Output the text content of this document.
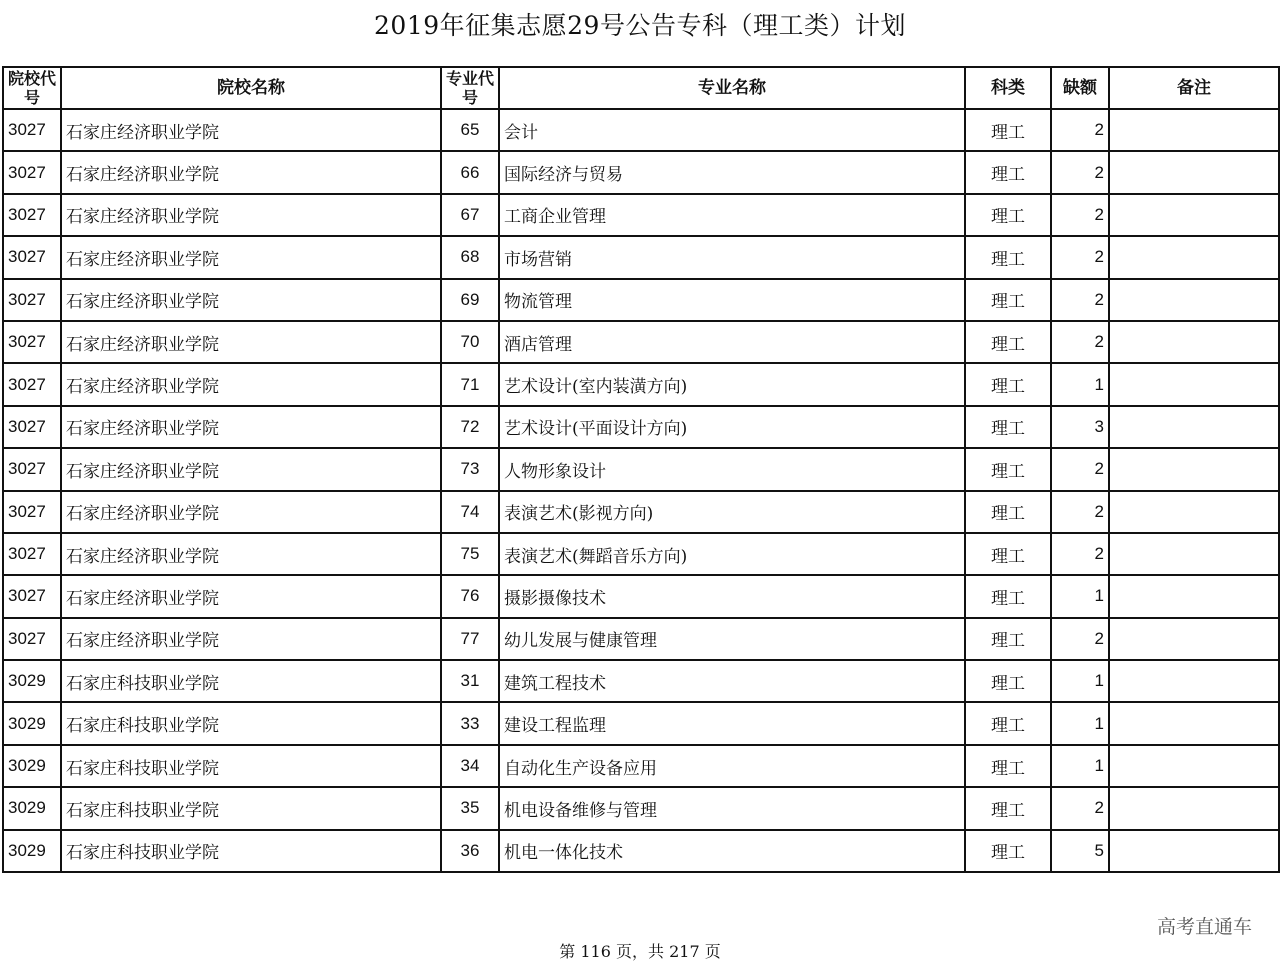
2019年征集志愿29号公告专科（理工类）计划
院校代号	院校名称	专业代号	专业名称	科类	缺额	备注
3027	石家庄经济职业学院	65	会计	理工	2	
3027	石家庄经济职业学院	66	国际经济与贸易	理工	2	
3027	石家庄经济职业学院	67	工商企业管理	理工	2	
3027	石家庄经济职业学院	68	市场营销	理工	2	
3027	石家庄经济职业学院	69	物流管理	理工	2	
3027	石家庄经济职业学院	70	酒店管理	理工	2	
3027	石家庄经济职业学院	71	艺术设计(室内装潢方向)	理工	1	
3027	石家庄经济职业学院	72	艺术设计(平面设计方向)	理工	3	
3027	石家庄经济职业学院	73	人物形象设计	理工	2	
3027	石家庄经济职业学院	74	表演艺术(影视方向)	理工	2	
3027	石家庄经济职业学院	75	表演艺术(舞蹈音乐方向)	理工	2	
3027	石家庄经济职业学院	76	摄影摄像技术	理工	1	
3027	石家庄经济职业学院	77	幼儿发展与健康管理	理工	2	
3029	石家庄科技职业学院	31	建筑工程技术	理工	1	
3029	石家庄科技职业学院	33	建设工程监理	理工	1	
3029	石家庄科技职业学院	34	自动化生产设备应用	理工	1	
3029	石家庄科技职业学院	35	机电设备维修与管理	理工	2	
3029	石家庄科技职业学院	36	机电一体化技术	理工	5	
高考直通车
第 116 页，共 217 页
